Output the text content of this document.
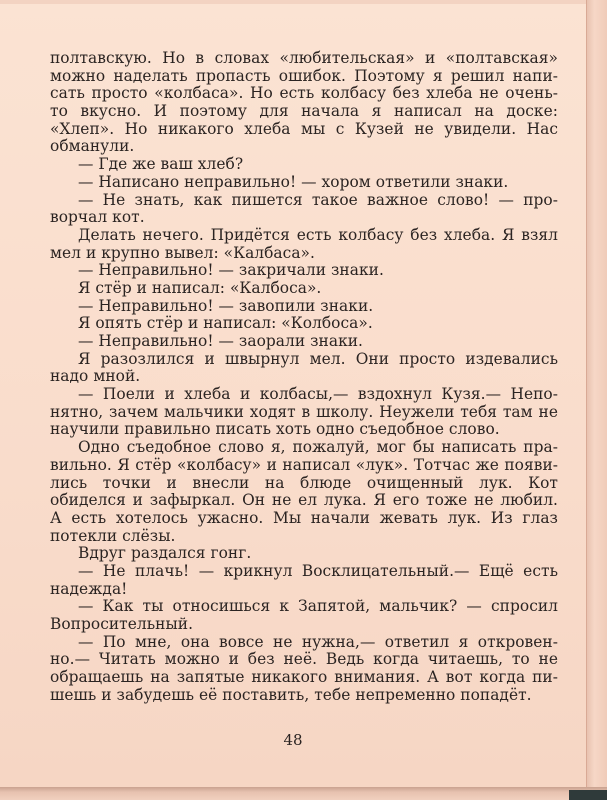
полтавскую. Но в словах «любительская» и «полтавская»
можно наделать пропасть ошибок. Поэтому я решил напи-
сать просто «колбаса». Но есть колбасу без хлеба не очень-
то вкусно. И поэтому для начала я написал на доске:
«Хлеп». Но никакого хлеба мы с Кузей не увидели. Нас
обманули.
— Где же ваш хлеб?
— Написано неправильно! — хором ответили знаки.
— Не знать, как пишется такое важное слово! — про-
ворчал кот.
Делать нечего. Придётся есть колбасу без хлеба. Я взял
мел и крупно вывел: «Калбаса».
— Неправильно! — закричали знаки.
Я стёр и написал: «Калбоса».
— Неправильно! — завопили знаки.
Я опять стёр и написал: «Колбоса».
— Неправильно! — заорали знаки.
Я разозлился и швырнул мел. Они просто издевались
надо мной.
— Поели и хлеба и колбасы,— вздохнул Кузя.— Непо-
нятно, зачем мальчики ходят в школу. Неужели тебя там не
научили правильно писать хоть одно съедобное слово.
Одно съедобное слово я, пожалуй, мог бы написать пра-
вильно. Я стёр «колбасу» и написал «лук». Тотчас же появи-
лись точки и внесли на блюде очищенный лук. Кот
обиделся и зафыркал. Он не ел лука. Я его тоже не любил.
А есть хотелось ужасно. Мы начали жевать лук. Из глаз
потекли слёзы.
Вдруг раздался гонг.
— Не плачь! — крикнул Восклицательный.— Ещё есть
надежда!
— Как ты относишься к Запятой, мальчик? — спросил
Вопросительный.
— По мне, она вовсе не нужна,— ответил я откровен-
но.— Читать можно и без неё. Ведь когда читаешь, то не
обращаешь на запятые никакого внимания. А вот когда пи-
шешь и забудешь её поставить, тебе непременно попадёт.
48
